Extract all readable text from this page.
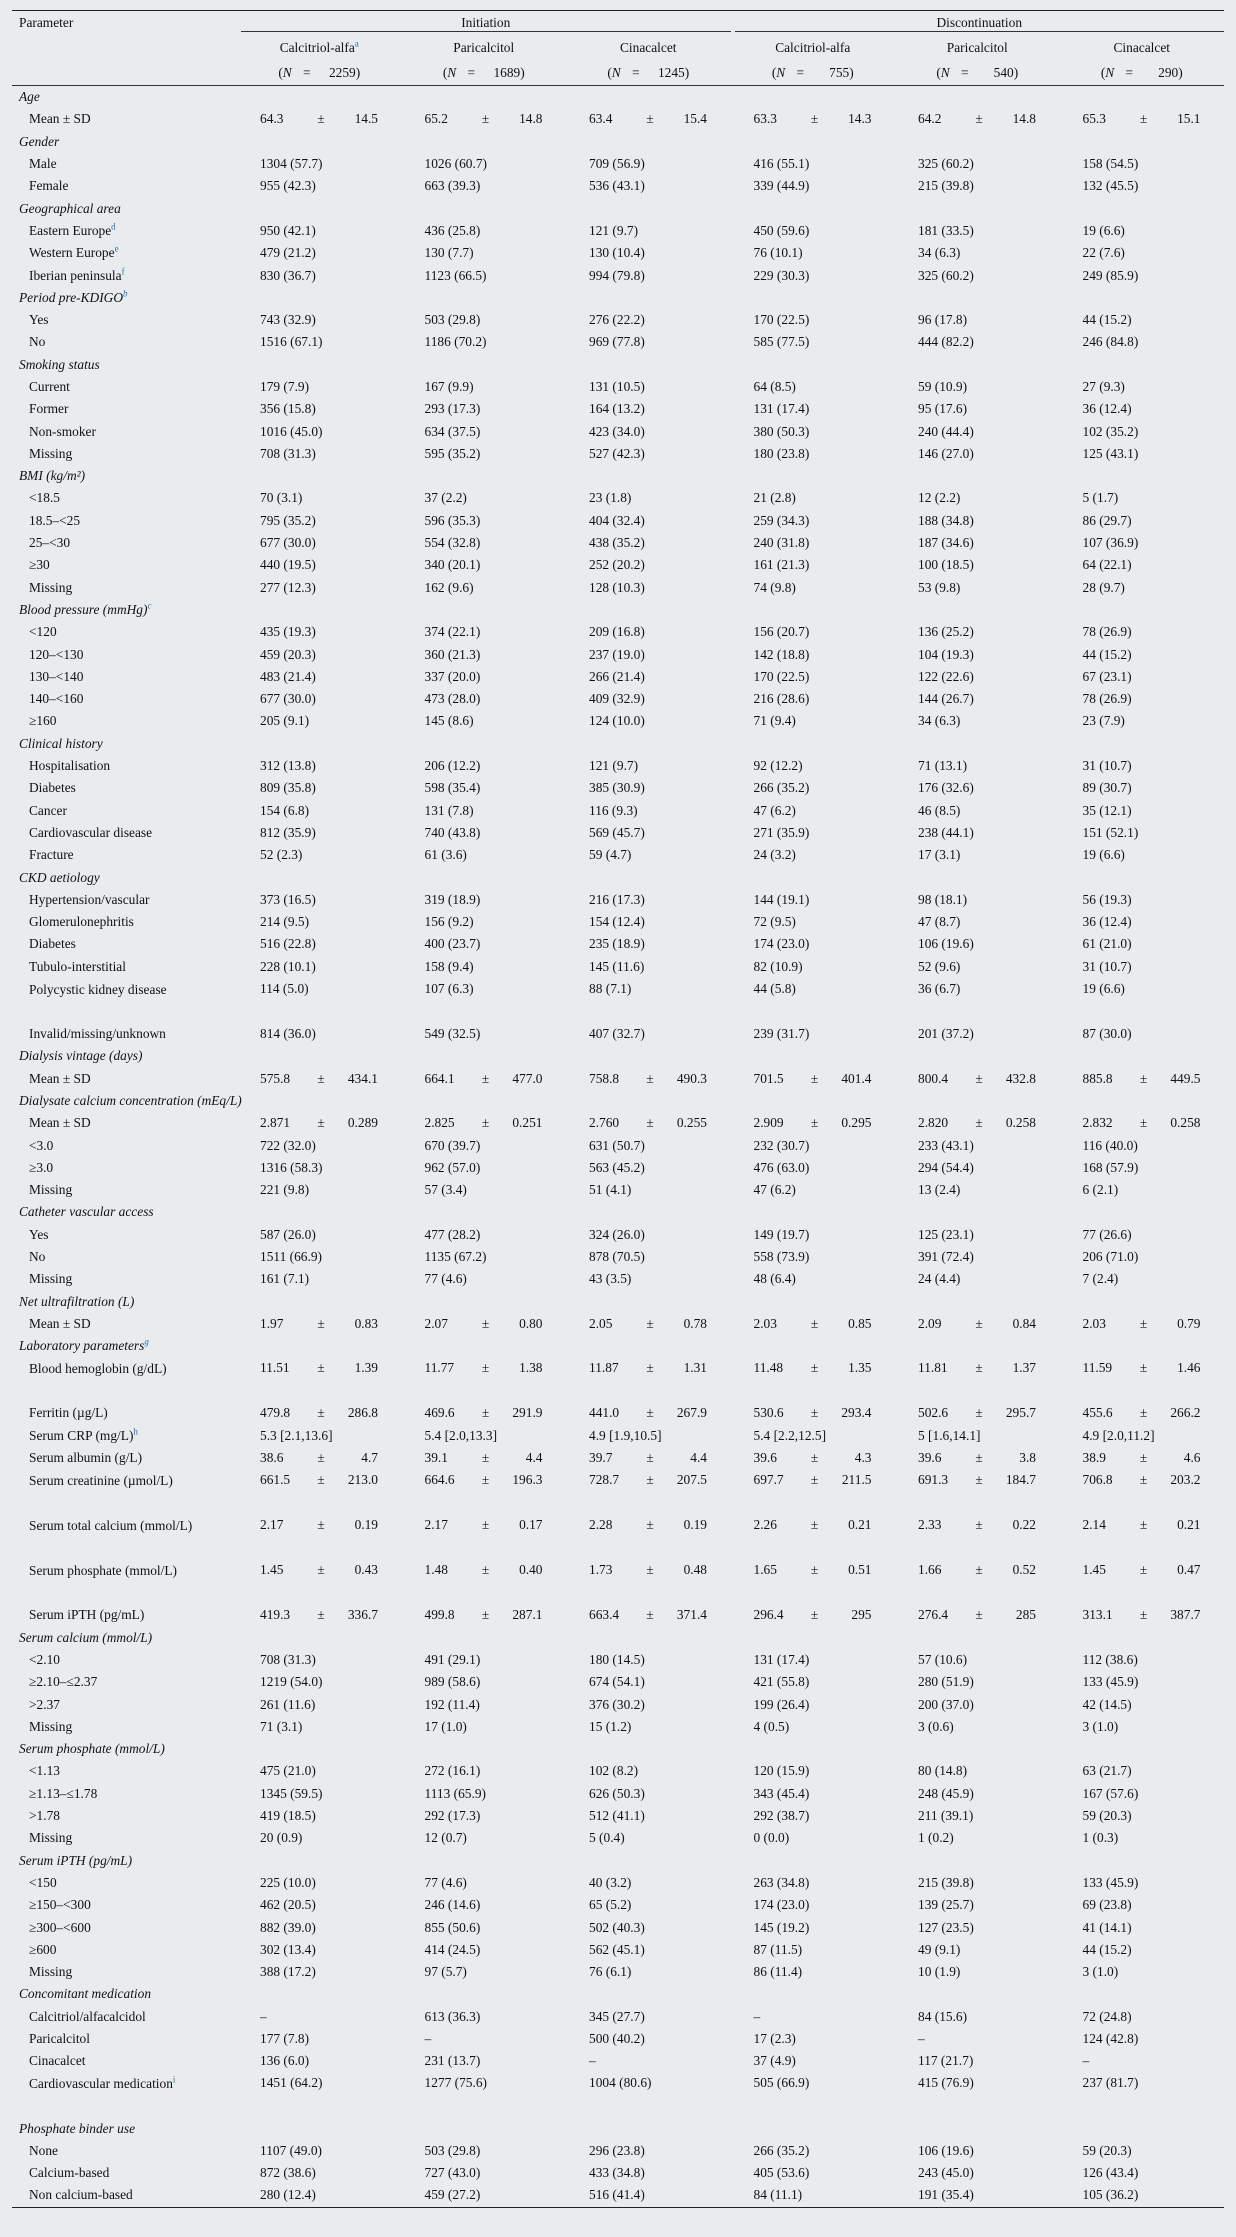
Parameter	Initiation			Discontinuation		

	Calcitriol-alfa$^a$	Paricalcitol	Cinacalcet	Calcitriol-alfa	Paricalcitol	Cinacalcet
	(N = 2259)	(N = 1689)	(N = 1245)	(N = 755)	(N = 540)	(N = 290)
Age						
Mean ± SD	64.3 ± 14.5	65.2 ± 14.8	63.4 ± 15.4	63.3 ± 14.3	64.2 ± 14.8	65.3 ± 15.1
Gender						
Male	1304 (57.7)	1026 (60.7)	709 (56.9)	416 (55.1)	325 (60.2)	158 (54.5)
Female	955 (42.3)	663 (39.3)	536 (43.1)	339 (44.9)	215 (39.8)	132 (45.5)
Geographical area						
Eastern Europe$^d$	950 (42.1)	436 (25.8)	121 (9.7)	450 (59.6)	181 (33.5)	19 (6.6)
Western Europe$^e$	479 (21.2)	130 (7.7)	130 (10.4)	76 (10.1)	34 (6.3)	22 (7.6)
Iberian peninsula$^f$	830 (36.7)	1123 (66.5)	994 (79.8)	229 (30.3)	325 (60.2)	249 (85.9)
Period pre-KDIGO$^b$
Yes	743 (32.9)	503 (29.8)	276 (22.2)	170 (22.5)	96 (17.8)	44 (15.2)
No	1516 (67.1)	1186 (70.2)	969 (77.8)	585 (77.5)	444 (82.2)	246 (84.8)
Smoking status						
Current	179 (7.9)	167 (9.9)	131 (10.5)	64 (8.5)	59 (10.9)	27 (9.3)
Former	356 (15.8)	293 (17.3)	164 (13.2)	131 (17.4)	95 (17.6)	36 (12.4)
Non-smoker	1016 (45.0)	634 (37.5)	423 (34.0)	380 (50.3)	240 (44.4)	102 (35.2)
Missing	708 (31.3)	595 (35.2)	527 (42.3)	180 (23.8)	146 (27.0)	125 (43.1)
BMI (kg/m²)						
<18.5	70 (3.1)	37 (2.2)	23 (1.8)	21 (2.8)	12 (2.2)	5 (1.7)
18.5–<25	795 (35.2)	596 (35.3)	404 (32.4)	259 (34.3)	188 (34.8)	86 (29.7)
25–<30	677 (30.0)	554 (32.8)	438 (35.2)	240 (31.8)	187 (34.6)	107 (36.9)
≥30	440 (19.5)	340 (20.1)	252 (20.2)	161 (21.3)	100 (18.5)	64 (22.1)
Missing	277 (12.3)	162 (9.6)	128 (10.3)	74 (9.8)	53 (9.8)	28 (9.7)
Blood pressure (mmHg)$^c$
<120	435 (19.3)	374 (22.1)	209 (16.8)	156 (20.7)	136 (25.2)	78 (26.9)
120–<130	459 (20.3)	360 (21.3)	237 (19.0)	142 (18.8)	104 (19.3)	44 (15.2)
130–<140	483 (21.4)	337 (20.0)	266 (21.4)	170 (22.5)	122 (22.6)	67 (23.1)
140–<160	677 (30.0)	473 (28.0)	409 (32.9)	216 (28.6)	144 (26.7)	78 (26.9)
≥160	205 (9.1)	145 (8.6)	124 (10.0)	71 (9.4)	34 (6.3)	23 (7.9)
Clinical history						
Hospitalisation	312 (13.8)	206 (12.2)	121 (9.7)	92 (12.2)	71 (13.1)	31 (10.7)
Diabetes	809 (35.8)	598 (35.4)	385 (30.9)	266 (35.2)	176 (32.6)	89 (30.7)
Cancer	154 (6.8)	131 (7.8)	116 (9.3)	47 (6.2)	46 (8.5)	35 (12.1)
Cardiovascular disease	812 (35.9)	740 (43.8)	569 (45.7)	271 (35.9)	238 (44.1)	151 (52.1)
Fracture	52 (2.3)	61 (3.6)	59 (4.7)	24 (3.2)	17 (3.1)	19 (6.6)
CKD aetiology						
Hypertension/vascular	373 (16.5)	319 (18.9)	216 (17.3)	144 (19.1)	98 (18.1)	56 (19.3)
Glomerulonephritis	214 (9.5)	156 (9.2)	154 (12.4)	72 (9.5)	47 (8.7)	36 (12.4)
Diabetes	516 (22.8)	400 (23.7)	235 (18.9)	174 (23.0)	106 (19.6)	61 (21.0)
Tubulo-interstitial	228 (10.1)	158 (9.4)	145 (11.6)	82 (10.9)	52 (9.6)	31 (10.7)
Polycystic kidney disease	114 (5.0)	107 (6.3)	88 (7.1)	44 (5.8)	36 (6.7)	19 (6.6)
Invalid/missing/unknown	814 (36.0)	549 (32.5)	407 (32.7)	239 (31.7)	201 (37.2)	87 (30.0)
Dialysis vintage (days)						
Mean ± SD	575.8 ± 434.1	664.1 ± 477.0	758.8 ± 490.3	701.5 ± 401.4	800.4 ± 432.8	885.8 ± 449.5
Dialysate calcium concentration (mEq/L)						
Mean ± SD	2.871 ± 0.289	2.825 ± 0.251	2.760 ± 0.255	2.909 ± 0.295	2.820 ± 0.258	2.832 ± 0.258
<3.0	722 (32.0)	670 (39.7)	631 (50.7)	232 (30.7)	233 (43.1)	116 (40.0)
≥3.0	1316 (58.3)	962 (57.0)	563 (45.2)	476 (63.0)	294 (54.4)	168 (57.9)
Missing	221 (9.8)	57 (3.4)	51 (4.1)	47 (6.2)	13 (2.4)	6 (2.1)
Catheter vascular access						
Yes	587 (26.0)	477 (28.2)	324 (26.0)	149 (19.7)	125 (23.1)	77 (26.6)
No	1511 (66.9)	1135 (67.2)	878 (70.5)	558 (73.9)	391 (72.4)	206 (71.0)
Missing	161 (7.1)	77 (4.6)	43 (3.5)	48 (6.4)	24 (4.4)	7 (2.4)
Net ultrafiltration (L)						
Mean ± SD	1.97 ± 0.83	2.07 ± 0.80	2.05 ± 0.78	2.03 ± 0.85	2.09 ± 0.84	2.03 ± 0.79
Laboratory parameters$^g$
Blood hemoglobin (g/dL)	11.51 ± 1.39	11.77 ± 1.38	11.87 ± 1.31	11.48 ± 1.35	11.81 ± 1.37	11.59 ± 1.46
Ferritin (µg/L)	479.8 ± 286.8	469.6 ± 291.9	441.0 ± 267.9	530.6 ± 293.4	502.6 ± 295.7	455.6 ± 266.2
Serum CRP $(mg/L)^h$	5.3 [2.1,13.6]	5.4 [2.0,13.3]	4.9 [1.9,10.5]	5.4 [2.2,12.5]	5 [1.6,14.1]	4.9 [2.0,11.2]
Serum albumin (g/L)	38.6 ± 4.7	39.1 ± 4.4	39.7 ± 4.4	39.6 ± 4.3	39.6 ± 3.8	38.9 ± 4.6
Serum creatinine (µmol/L)	661.5 ± 213.0	664.6 ± 196.3	728.7 ± 207.5	697.7 ± 211.5	691.3 ± 184.7	706.8 ± 203.2
Serum total calcium (mmol/L)	2.17 ± 0.19	2.17 ± 0.17	2.28 ± 0.19	2.26 ± 0.21	2.33 ± 0.22	2.14 ± 0.21
Serum phosphate (mmol/L)	1.45 ± 0.43	1.48 ± 0.40	1.73 ± 0.48	1.65 ± 0.51	1.66 ± 0.52	1.45 ± 0.47
Serum iPTH (pg/mL)	419.3 ± 336.7	499.8 ± 287.1	663.4 ± 371.4	296.4 ± 295	276.4 ± 285	313.1 ± 387.7
Serum calcium (mmol/L)						
<2.10	708 (31.3)	491 (29.1)	180 (14.5)	131 (17.4)	57 (10.6)	112 (38.6)
≥2.10–≤2.37	1219 (54.0)	989 (58.6)	674 (54.1)	421 (55.8)	280 (51.9)	133 (45.9)
>2.37	261 (11.6)	192 (11.4)	376 (30.2)	199 (26.4)	200 (37.0)	42 (14.5)
Missing	71 (3.1)	17 (1.0)	15 (1.2)	4 (0.5)	3 (0.6)	3 (1.0)
Serum phosphate (mmol/L)						
<1.13	475 (21.0)	272 (16.1)	102 (8.2)	120 (15.9)	80 (14.8)	63 (21.7)
≥1.13–≤1.78	1345 (59.5)	1113 (65.9)	626 (50.3)	343 (45.4)	248 (45.9)	167 (57.6)
>1.78	419 (18.5)	292 (17.3)	512 (41.1)	292 (38.7)	211 (39.1)	59 (20.3)
Missing	20 (0.9)	12 (0.7)	5 (0.4)	0 (0.0)	1 (0.2)	1 (0.3)
Serum iPTH (pg/mL)						
<150	225 (10.0)	77 (4.6)	40 (3.2)	263 (34.8)	215 (39.8)	133 (45.9)
≥150–<300	462 (20.5)	246 (14.6)	65 (5.2)	174 (23.0)	139 (25.7)	69 (23.8)
≥300–<600	882 (39.0)	855 (50.6)	502 (40.3)	145 (19.2)	127 (23.5)	41 (14.1)
≥600	302 (13.4)	414 (24.5)	562 (45.1)	87 (11.5)	49 (9.1)	44 (15.2)
Missing	388 (17.2)	97 (5.7)	76 (6.1)	86 (11.4)	10 (1.9)	3 (1.0)
Concomitant medication						
Calcitriol/alfacalcidol	–	613 (36.3)	345 (27.7)	–	84 (15.6)	72 (24.8)
Paricalcitol	177 (7.8)	–	500 (40.2)	17 (2.3)	–	124 (42.8)
Cinacalcet	136 (6.0)	231 (13.7)	–	37 (4.9)	117 (21.7)	–
Cardiovascular medication$^i$	1451 (64.2)	1277 (75.6)	1004 (80.6)	505 (66.9)	415 (76.9)	237 (81.7)
Phosphate binder use						
None	1107 (49.0)	503 (29.8)	296 (23.8)	266 (35.2)	106 (19.6)	59 (20.3)
Calcium-based	872 (38.6)	727 (43.0)	433 (34.8)	405 (53.6)	243 (45.0)	126 (43.4)
Non calcium-based	280 (12.4)	459 (27.2)	516 (41.4)	84 (11.1)	191 (35.4)	105 (36.2)
